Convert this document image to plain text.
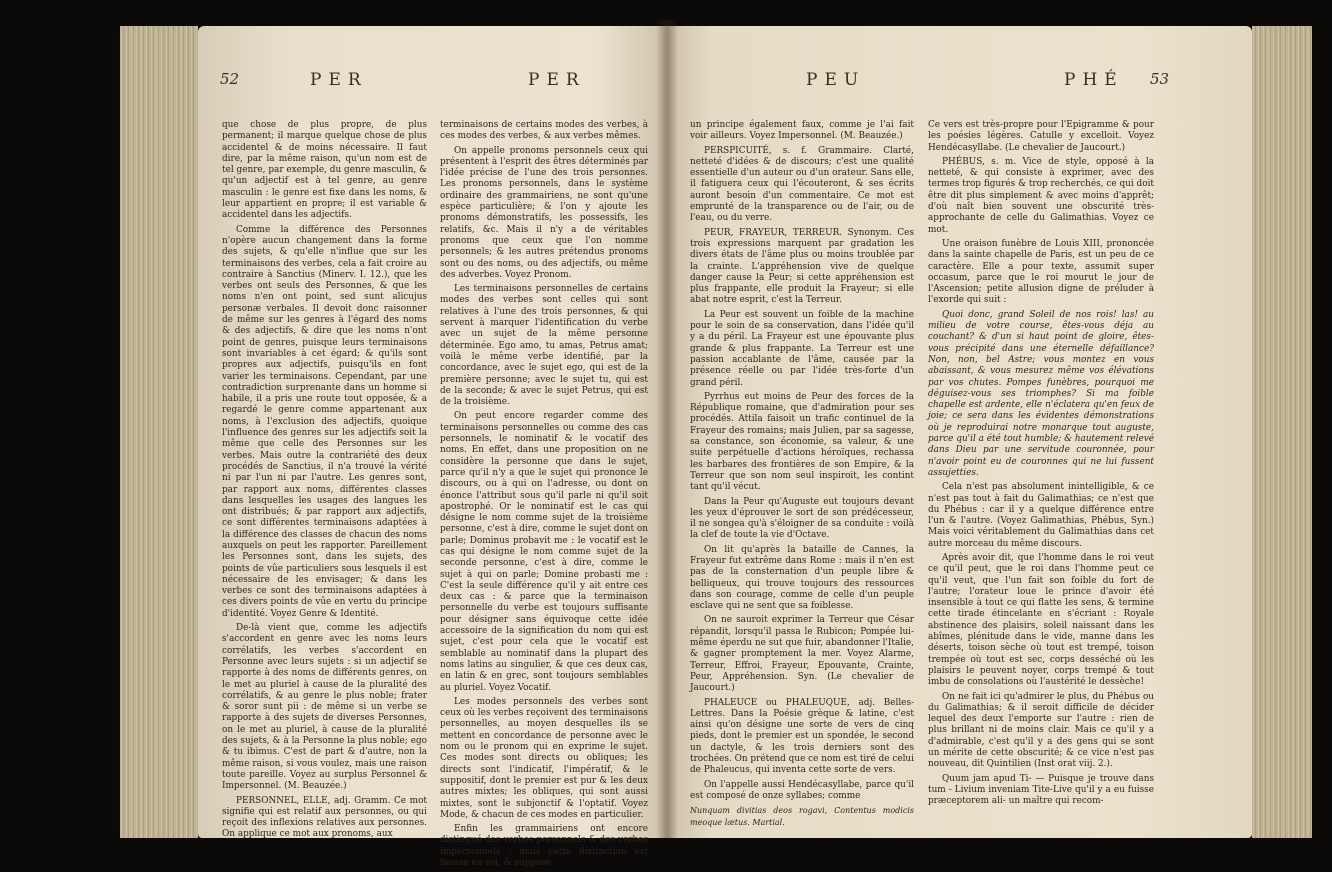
52	PER	PER

que chose de plus propre, de plus permanent; il marque quelque chose de plus accidentel & de moins nécessaire. Il faut dire, par la même raison, qu'un nom est de tel genre, par exemple, du genre masculin, & qu'un adjectif est à tel genre, au genre masculin : le genre est fixe dans les noms, & leur appartient en propre; il est variable & accidentel dans les adjectifs.

Comme la différence des Personnes n'opère aucun changement dans la forme des sujets, & qu'elle n'influe que sur les terminaisons des verbes, cela a fait croire au contraire à Sanctius (Minerv. I. 12.), que les verbes ont seuls des Personnes, & que les noms n'en ont point, sed sunt alicujus personæ verbales. Il devoit donc raisonner de même sur les genres à l'égard des noms & des adjectifs, & dire que les noms n'ont point de genres, puisque leurs terminaisons sont invariables à cet égard; & qu'ils sont propres aux adjectifs, puisqu'ils en font varier les terminaisons. Cependant, par une contradiction surprenante dans un homme si habile, il a pris une route tout opposée, & a regardé le genre comme appartenant aux noms, à l'exclusion des adjectifs, quoique l'influence des genres sur les adjectifs soit la même que celle des Personnes sur les verbes. Mais outre la contrariété des deux procédés de Sanctius, il n'a trouvé la vérité ni par l'un ni par l'autre. Les genres sont, par rapport aux noms, différentes classes dans lesquelles les usages des langues les ont distribués; & par rapport aux adjectifs, ce sont différentes terminaisons adaptées à la différence des classes de chacun des noms auxquels on peut les rapporter. Pareillement les Personnes sont, dans les sujets, des points de vûe particuliers sous lesquels il est nécessaire de les envisager; & dans les verbes ce sont des terminaisons adaptées à ces divers points de vûe en vertu du principe d'identité. Voyez Genre & Identité.

De-là vient que, comme les adjectifs s'accordent en genre avec les noms leurs corrélatifs, les verbes s'accordent en Personne avec leurs sujets : si un adjectif se rapporte à des noms de différents genres, on le met au pluriel à cause de la pluralité des corrélatifs, & au genre le plus noble; frater & soror sunt pii : de même si un verbe se rapporte à des sujets de diverses Personnes, on le met au pluriel, à cause de la pluralité des sujets, & à la Personne la plus noble; ego & tu ibimus. C'est de part & d'autre, non la même raison, si vous voulez, mais une raison toute pareille. Voyez au surplus Personnel & Impersonnel. (M. Beauzée.)

PERSONNEL, ELLE, adj. Gramm. Ce mot signifie qui est relatif aux personnes, ou qui reçoit des inflexions relatives aux personnes. On applique ce mot aux pronoms, aux

terminaisons de certains modes des verbes, à ces modes des verbes, & aux verbes mêmes.

On appelle pronoms personnels ceux qui présentent à l'esprit des êtres déterminés par l'idée précise de l'une des trois personnes. Les pronoms personnels, dans le système ordinaire des grammairiens, ne sont qu'une espèce particulière; & l'on y ajoute les pronoms démonstratifs, les possessifs, les relatifs, &c. Mais il n'y a de véritables pronoms que ceux que l'on nomme personnels; & les autres prétendus pronoms sont ou des noms, ou des adjectifs, ou même des adverbes. Voyez Pronom.

Les terminaisons personnelles de certains modes des verbes sont celles qui sont relatives à l'une des trois personnes, & qui servent à marquer l'identification du verbe avec un sujet de la même personne déterminée. Ego amo, tu amas, Petrus amat; voilà le même verbe identifié, par la concordance, avec le sujet ego, qui est de la première personne; avec le sujet tu, qui est de la seconde; & avec le sujet Petrus, qui est de la troisième.

On peut encore regarder comme des terminaisons personnelles ou comme des cas personnels, le nominatif & le vocatif des noms. En effet, dans une proposition on ne considère la personne que dans le sujet, parce qu'il n'y a que le sujet qui prononce le discours, ou à qui on l'adresse, ou dont on énonce l'attribut sous qu'il parle ni qu'il soit apostrophé. Or le nominatif est le cas qui désigne le nom comme sujet de la troisième personne, c'est à dire, comme le sujet dont on parle; Dominus probavit me : le vocatif est le cas qui désigne le nom comme sujet de la seconde personne, c'est à dire, comme le sujet à qui on parle; Domine probasti me : C'est la seule différence qu'il y ait entre ces deux cas : & parce que la terminaison personnelle du verbe est toujours suffisante pour désigner sans équivoque cette idée accessoire de la signification du nom qui est sujet, c'est pour cela que le vocatif est semblable au nominatif dans la plupart des noms latins au singulier, & que ces deux cas, en latin & en grec, sont toujours semblables au pluriel. Voyez Vocatif.

Les modes personnels des verbes sont ceux où les verbes reçoivent des terminaisons personnelles, au moyen desquelles ils se mettent en concordance de personne avec le nom ou le pronom qui en exprime le sujet. Ces modes sont directs ou obliques; les directs sont l'indicatif, l'impératif, & le suppositif, dont le premier est pur & les deux autres mixtes; les obliques, qui sont aussi mixtes, sont le subjonctif & l'optatif. Voyez Mode, & chacun de ces modes en particulier.

Enfin les grammairiens ont encore distingué des verbes personnels & des verbes impersonnels : mais cette distinction est fausse en soi, & suppose

PEU	PHÉ 53

un principe également faux, comme je l'ai fait voir ailleurs. Voyez Impersonnel. (M. Beauzée.)

PERSPICUITÉ, s. f. Grammaire. Clarté, netteté d'idées & de discours; c'est une qualité essentielle d'un auteur ou d'un orateur. Sans elle, il fatiguera ceux qui l'écouteront, & ses écrits auront besoin d'un commentaire. Ce mot est emprunté de la transparence ou de l'air, ou de l'eau, ou du verre.

PEUR, FRAYEUR, TERREUR. Synonym. Ces trois expressions marquent par gradation les divers états de l'âme plus ou moins troublée par la crainte. L'appréhension vive de quelque danger cause la Peur; si cette appréhension est plus frappante, elle produit la Frayeur; si elle abat notre esprit, c'est la Terreur.

La Peur est souvent un foible de la machine pour le soin de sa conservation, dans l'idée qu'il y a du péril. La Frayeur est une épouvante plus grande & plus frappante. La Terreur est une passion accablante de l'âme, causée par la présence réelle ou par l'idée très-forte d'un grand péril.

Pyrrhus eut moins de Peur des forces de la République romaine, que d'admiration pour ses procédés. Attila faisoit un trafic continuel de la Frayeur des romains; mais Julien, par sa sagesse, sa constance, son économie, sa valeur, & une suite perpétuelle d'actions héroïques, rechassa les barbares des frontières de son Empire, & la Terreur que son nom seul inspiroit, les contint tant qu'il vécut.

Dans la Peur qu'Auguste eut toujours devant les yeux d'éprouver le sort de son prédécesseur, il ne songea qu'à s'éloigner de sa conduite : voilà la clef de toute la vie d'Octave.

On lit qu'après la bataille de Cannes, la Frayeur fut extrême dans Rome : mais il n'en est pas de la consternation d'un peuple libre & belliqueux, qui trouve toujours des ressources dans son courage, comme de celle d'un peuple esclave qui ne sent que sa foiblesse.

On ne sauroit exprimer la Terreur que César répandit, lorsqu'il passa le Rubicon; Pompée lui-même éperdu ne sut que fuir, abandonner l'Italie, & gagner promptement la mer. Voyez Alarme, Terreur, Effroi, Frayeur, Epouvante, Crainte, Peur, Appréhension. Syn. (Le chevalier de Jaucourt.)

PHALEUCE ou PHALEUQUE, adj. Belles-Lettres. Dans la Poésie grèque & latine, c'est ainsi qu'on désigne une sorte de vers de cinq pieds, dont le premier est un spondée, le second un dactyle, & les trois derniers sont des trochées. On prétend que ce nom est tiré de celui de Phaleucus, qui inventa cette sorte de vers.

On l'appelle aussi Hendécasyllabe, parce qu'il est composé de onze syllabes; comme

Nunquam divitias deos rogavi, Contentus modicis meoque lætus. Martial.

Ce vers est très-propre pour l'Epigramme & pour les poésies légères. Catulle y excelloit. Voyez Hendécasyllabe. (Le chevalier de Jaucourt.)

PHÉBUS, s. m. Vice de style, opposé à la netteté, & qui consiste à exprimer, avec des termes trop figurés & trop recherchés, ce qui doit être dit plus simplement & avec moins d'apprêt; d'où naît bien souvent une obscurité très-approchante de celle du Galimathias. Voyez ce mot.

Une oraison funèbre de Louis XIII, prononcée dans la sainte chapelle de Paris, est un peu de ce caractère. Elle a pour texte, assumit super occasum, parce que le roi mourut le jour de l'Ascension; petite allusion digne de préluder à l'exorde qui suit :

Quoi donc, grand Soleil de nos rois! las! au milieu de votre course, êtes-vous déja au couchant? & d'un si haut point de gloire, êtes-vous précipité dans une éternelle défaillance? Non, non, bel Astre; vous montez en vous abaissant, & vous mesurez même vos élévations par vos chutes. Pompes funèbres, pourquoi me déguisez-vous ses triomphes? Si ma foible chapelle est ardente, elle n'éclatera qu'en feux de joie; ce sera dans les évidentes démonstrations où je reproduirai notre monarque tout auguste, parce qu'il a été tout humble; & hautement relevé dans Dieu par une servitude couronnée, pour n'avoir point eu de couronnes qui ne lui fussent assujetties.

Cela n'est pas absolument inintelligible, & ce n'est pas tout à fait du Galimathias; ce n'est que du Phébus : car il y a quelque différence entre l'un & l'autre. (Voyez Galimathias, Phébus, Syn.) Mais voici véritablement du Galimathias dans cet autre morceau du même discours.

Après avoir dit, que l'homme dans le roi veut ce qu'il peut, que le roi dans l'homme peut ce qu'il veut, que l'un fait son foible du fort de l'autre; l'orateur loue le prince d'avoir été insensible à tout ce qui flatte les sens, & termine cette tirade étincelante en s'écriant : Royale abstinence des plaisirs, soleil naissant dans les abîmes, plénitude dans le vide, manne dans les déserts, toison sèche où tout est trempé, toison trempée où tout est sec, corps desséché où les plaisirs le peuvent noyer, corps trempé & tout imbu de consolations où l'austérité le dessèche!

On ne fait ici qu'admirer le plus, du Phébus ou du Galimathias; & il seroit difficile de décider lequel des deux l'emporte sur l'autre : rien de plus brillant ni de moins clair. Mais ce qu'il y a d'admirable, c'est qu'il y a des gens qui se sont un mérite de cette obscurité; & ce vice n'est pas nouveau, dit Quintilien (Inst orat viij. 2.).

Quum jam apud Ti- — Puisque je trouve dans tum - Livium inveniam Tite-Live qu'il y a eu fuisse præceptorem ali- un maître qui recom-
